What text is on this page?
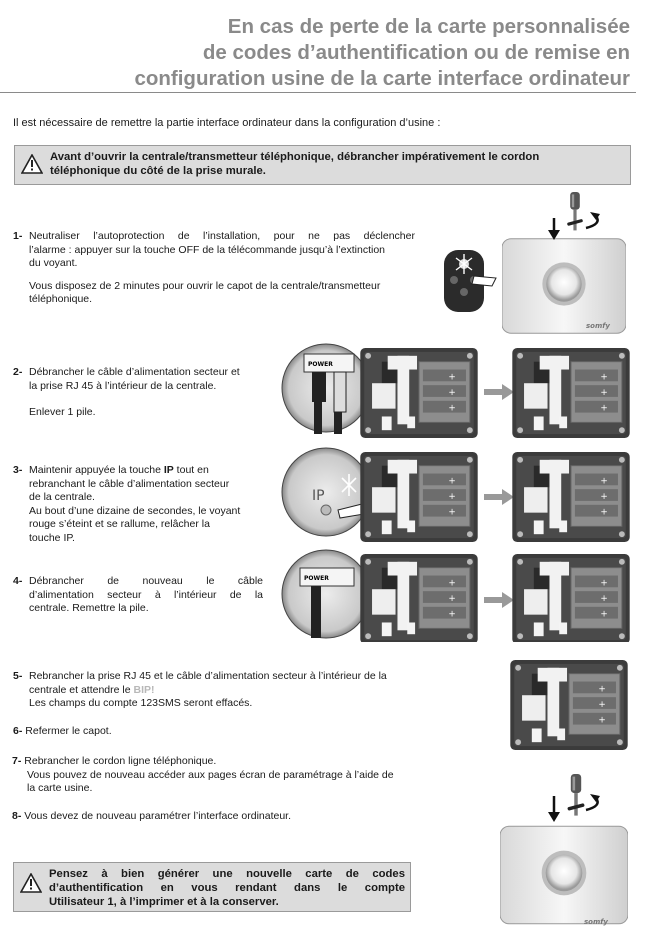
En cas de perte de la carte personnalisée
de codes d’authentification ou de remise en
configuration usine de la carte interface ordinateur
Il est nécessaire de remettre la partie interface ordinateur dans la configuration d’usine :
Avant d’ouvrir la centrale/transmetteur téléphonique, débrancher impérativement le cordon
téléphonique du côté de la prise murale.
1- Neutraliser l’autoprotection de l’installation, pour ne pas déclencher
l’alarme : appuyer sur la touche OFF de la télécommande jusqu’à l’extinction
du voyant.
Vous disposez de 2 minutes pour ouvrir le capot de la centrale/transmetteur
téléphonique.
somfy
2- Débrancher le câble d’alimentation secteur et
la prise RJ 45 à l’intérieur de la centrale.
Enlever 1 pile.
3- Maintenir appuyée la touche IP tout en
rebranchant le câble d’alimentation secteur
de la centrale.
Au bout d’une dizaine de secondes, le voyant
rouge s’éteint et se rallume, relâcher la
touche IP.
4- Débrancher de nouveau le câble
d’alimentation secteur à l’intérieur de la
centrale. Remettre la pile.
POWER
IP
POWER
5- Rebrancher la prise RJ 45 et le câble d’alimentation secteur à l’intérieur de la
centrale et attendre le BIP!
Les champs du compte 123SMS seront effacés.
6- Refermer le capot.
7- Rebrancher le cordon ligne téléphonique.
Vous pouvez de nouveau accéder aux pages écran de paramétrage à l’aide de
la carte usine.
8- Vous devez de nouveau paramétrer l’interface ordinateur.
somfy
Pensez à bien générer une nouvelle carte de codes
d’authentification en vous rendant dans le compte
Utilisateur 1, à l’imprimer et à la conserver.
